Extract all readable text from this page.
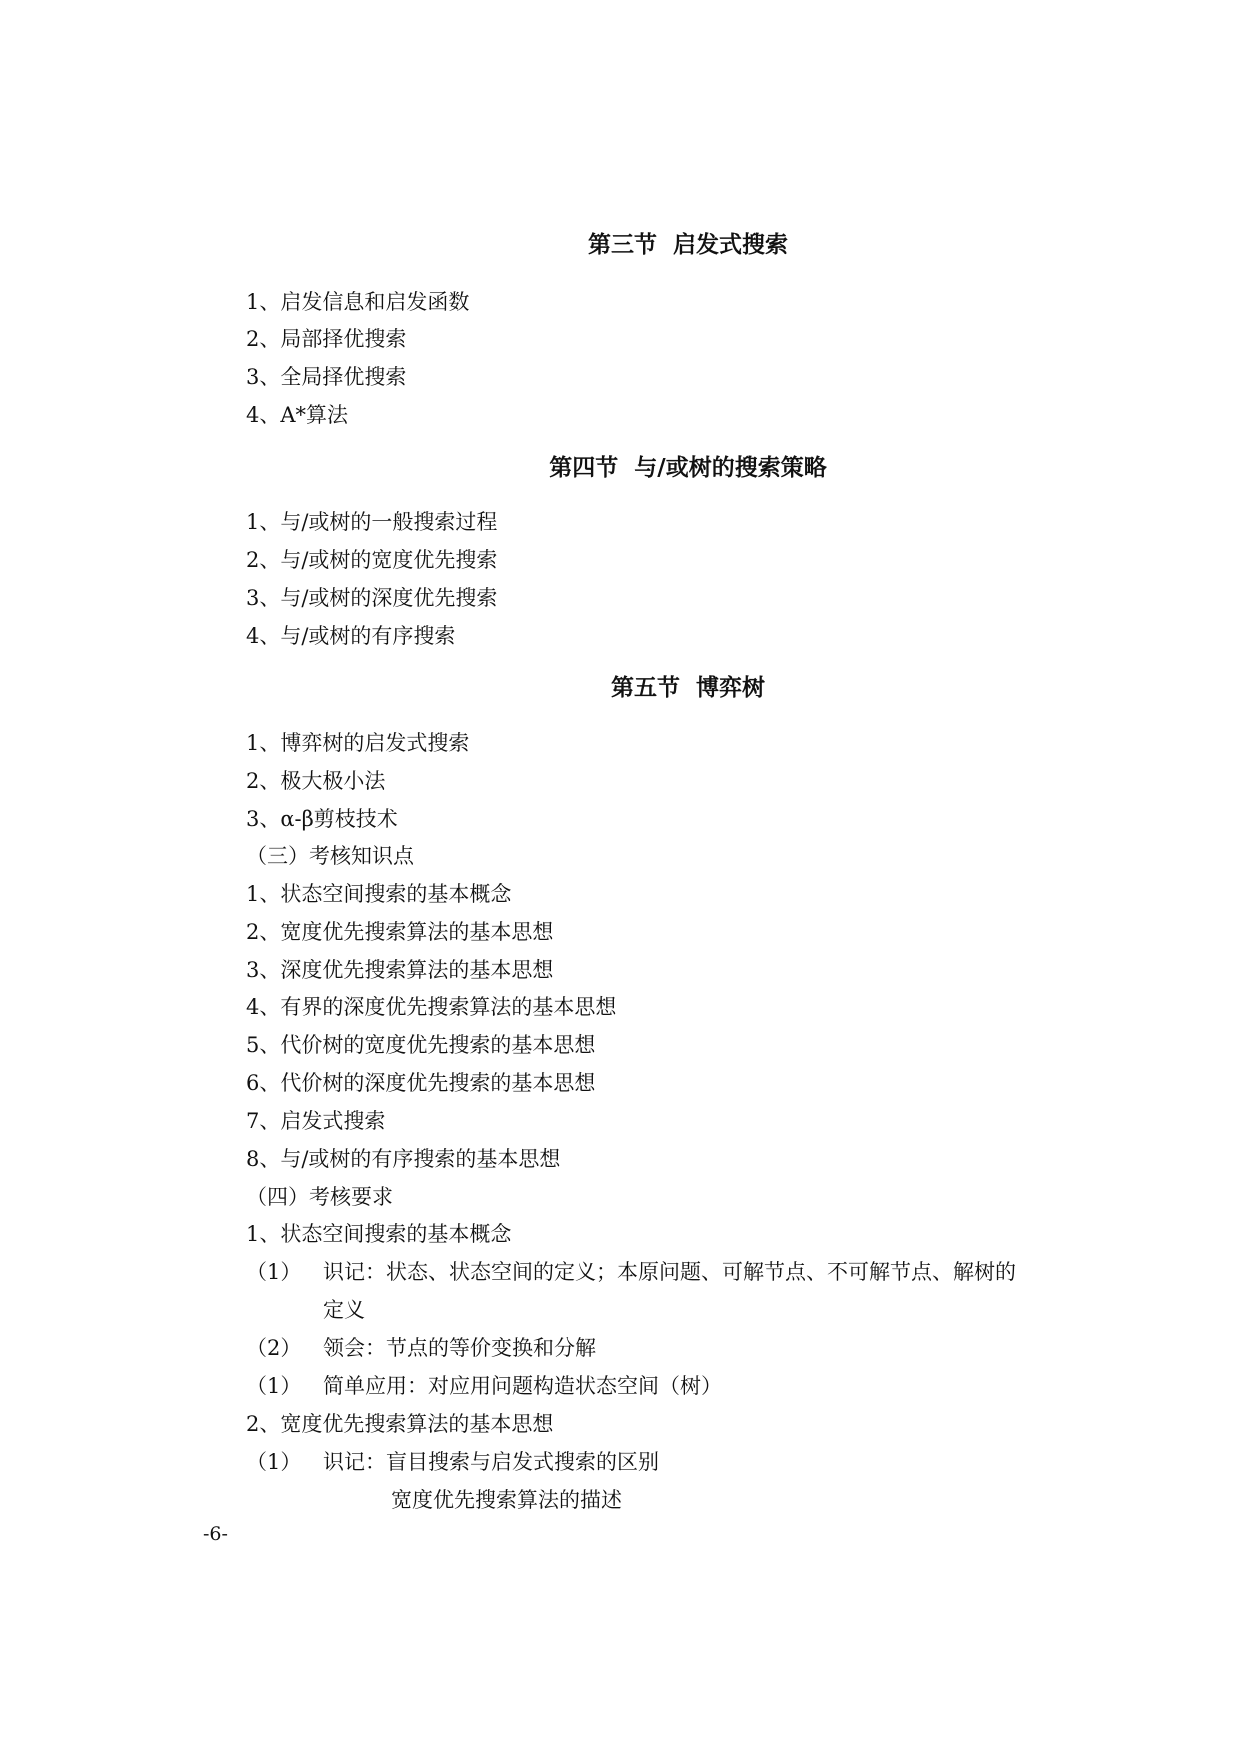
第三节  启发式搜索
1、启发信息和启发函数
2、局部择优搜索
3、全局择优搜索
4、A*算法
第四节  与/或树的搜索策略
1、与/或树的一般搜索过程
2、与/或树的宽度优先搜索
3、与/或树的深度优先搜索
4、与/或树的有序搜索
第五节  博弈树
1、博弈树的启发式搜索
2、极大极小法
3、α-β剪枝技术
（三）考核知识点
1、状态空间搜索的基本概念
2、宽度优先搜索算法的基本思想
3、深度优先搜索算法的基本思想
4、有界的深度优先搜索算法的基本思想
5、代价树的宽度优先搜索的基本思想
6、代价树的深度优先搜索的基本思想
7、启发式搜索
8、与/或树的有序搜索的基本思想
（四）考核要求
1、状态空间搜索的基本概念
（1） 识记：状态、状态空间的定义；本原问题、可解节点、不可解节点、解树的
定义
（2） 领会：节点的等价变换和分解
（1） 简单应用：对应用问题构造状态空间（树）
2、宽度优先搜索算法的基本思想
（1） 识记：盲目搜索与启发式搜索的区别
宽度优先搜索算法的描述
-6-
